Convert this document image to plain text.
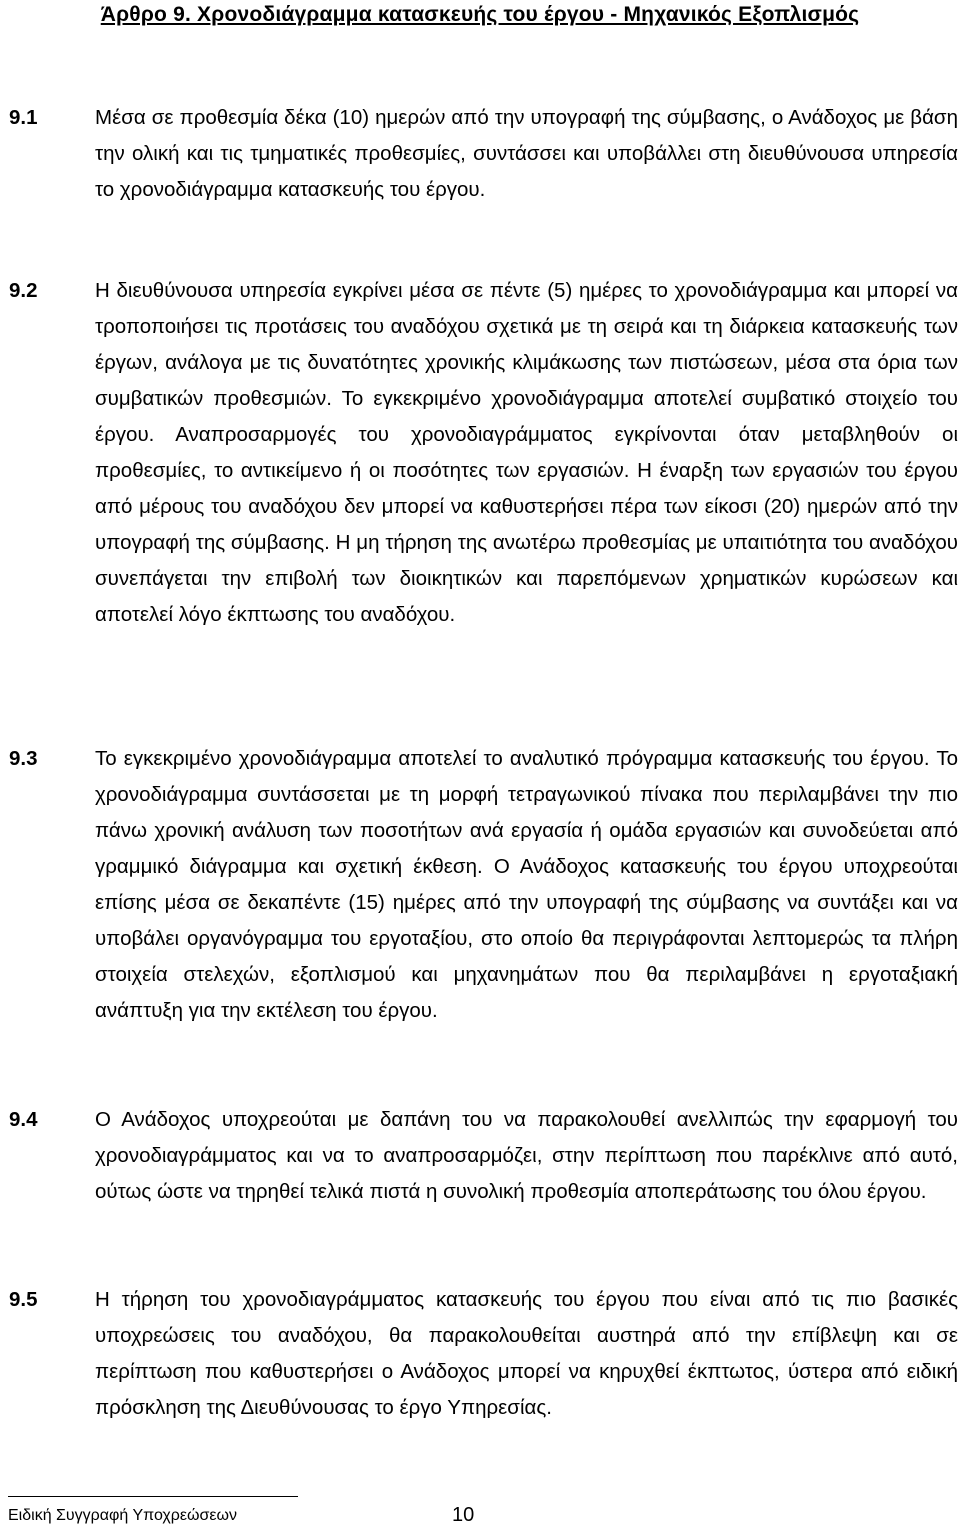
Άρθρο 9. Χρονοδιάγραμμα κατασκευής του έργου - Μηχανικός Εξοπλισμός
9.1	Μέσα σε προθεσμία δέκα (10) ημερών από την υπογραφή της σύμβασης, ο Ανάδοχος με βάση την ολική και τις τμηματικές προθεσμίες, συντάσσει και υποβάλλει στη διευθύνουσα υπηρεσία το χρονοδιάγραμμα κατασκευής του έργου.
9.2	Η διευθύνουσα υπηρεσία εγκρίνει μέσα σε πέντε (5) ημέρες το χρονοδιάγραμμα και μπορεί να τροποποιήσει τις προτάσεις του αναδόχου σχετικά με τη σειρά και τη διάρκεια κατασκευής των έργων, ανάλογα με τις δυνατότητες χρονικής κλιμάκωσης των πιστώσεων, μέσα στα όρια των συμβατικών προθεσμιών. Το εγκεκριμένο χρονοδιάγραμμα αποτελεί συμβατικό στοιχείο του έργου. Αναπροσαρμογές του χρονοδιαγράμματος εγκρίνονται όταν μεταβληθούν οι προθεσμίες, το αντικείμενο ή οι ποσότητες των εργασιών. Η έναρξη των εργασιών του έργου από μέρους του αναδόχου δεν μπορεί να καθυστερήσει πέρα των είκοσι (20) ημερών από την υπογραφή της σύμβασης. Η μη τήρηση της ανωτέρω προθεσμίας με υπαιτιότητα του αναδόχου συνεπάγεται την επιβολή των διοικητικών και παρεπόμενων χρηματικών κυρώσεων και αποτελεί λόγο έκπτωσης του αναδόχου.
9.3	Το εγκεκριμένο χρονοδιάγραμμα αποτελεί το αναλυτικό πρόγραμμα κατασκευής του έργου. Το χρονοδιάγραμμα συντάσσεται με τη μορφή τετραγωνικού πίνακα που περιλαμβάνει την πιο πάνω χρονική ανάλυση των ποσοτήτων ανά εργασία ή ομάδα εργασιών και συνοδεύεται από γραμμικό διάγραμμα και σχετική έκθεση. Ο Ανάδοχος κατασκευής του έργου υποχρεούται επίσης μέσα σε δεκαπέντε (15) ημέρες από την υπογραφή της σύμβασης να συντάξει και να υποβάλει οργανόγραμμα του εργοταξίου, στο οποίο θα περιγράφονται λεπτομερώς τα πλήρη στοιχεία στελεχών, εξοπλισμού και μηχανημάτων που θα περιλαμβάνει η εργοταξιακή ανάπτυξη για την εκτέλεση του έργου.
9.4	Ο Ανάδοχος υποχρεούται με δαπάνη του να παρακολουθεί ανελλιπώς την εφαρμογή του χρονοδιαγράμματος και να το αναπροσαρμόζει, στην περίπτωση που παρέκλινε από αυτό, ούτως ώστε να τηρηθεί τελικά πιστά η συνολική προθεσμία αποπεράτωσης του όλου έργου.
9.5	Η τήρηση του χρονοδιαγράμματος κατασκευής του έργου που είναι από τις πιο βασικές υποχρεώσεις του αναδόχου, θα παρακολουθείται αυστηρά από την επίβλεψη και σε περίπτωση που καθυστερήσει ο Ανάδοχος μπορεί να κηρυχθεί έκπτωτος, ύστερα από ειδική πρόσκληση της Διευθύνουσας το έργο Υπηρεσίας.
Ειδική Συγγραφή Υποχρεώσεων	10
